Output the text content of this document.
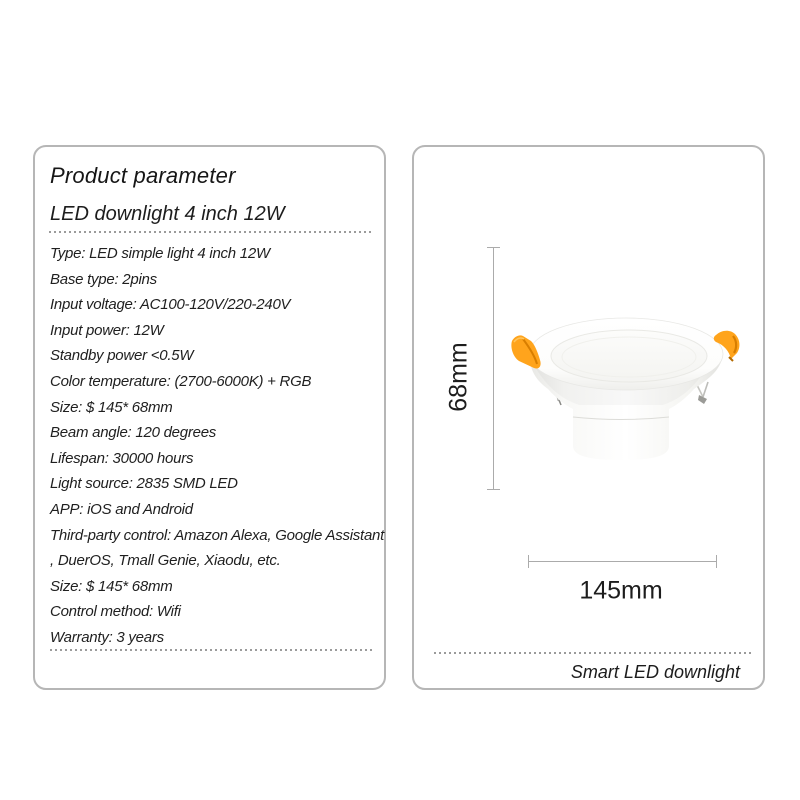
Product parameter
LED downlight 4 inch 12W
Type: LED simple light 4 inch 12W
Base type: 2pins
Input voltage: AC100-120V/220-240V
Input power: 12W
Standby power <0.5W
Color temperature: (2700-6000K) + RGB
Size: $ 145* 68mm
Beam angle: 120 degrees
Lifespan: 30000 hours
Light source: 2835 SMD LED
APP: iOS and Android
Third-party control: Amazon Alexa, Google Assistant
, DuerOS, Tmall Genie, Xiaodu, etc.
Size: $ 145* 68mm
Control method: Wifi
Warranty: 3 years
Smart LED downlight
68mm
145mm
